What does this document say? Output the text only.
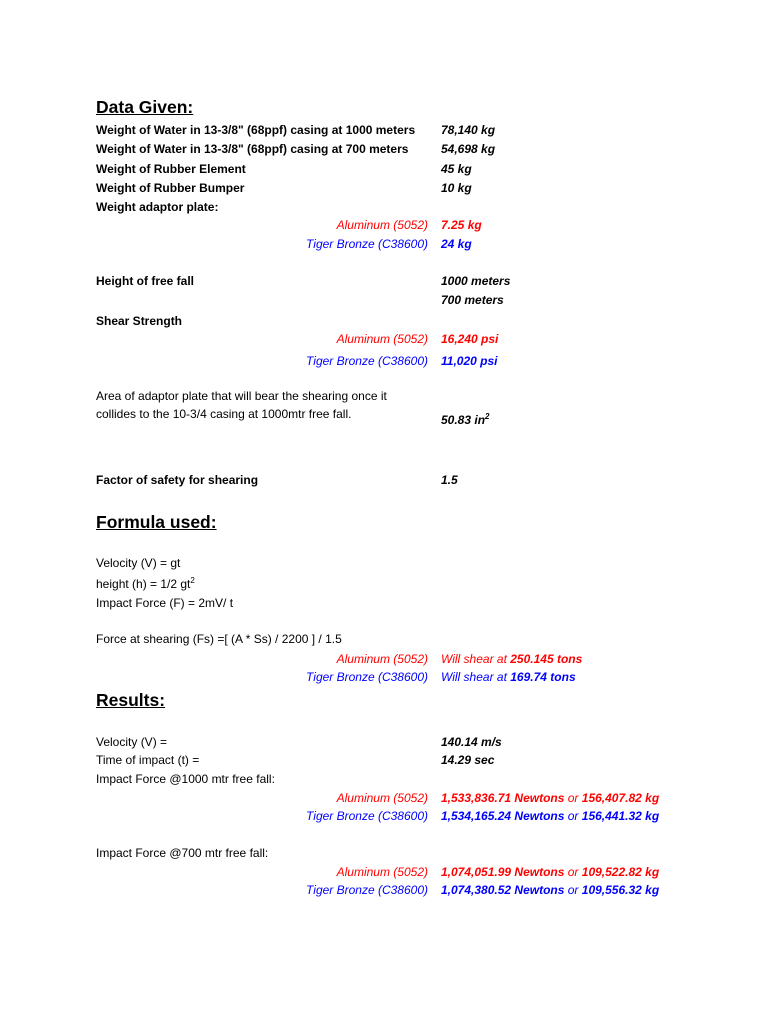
Data Given:
Weight of Water in 13-3/8" (68ppf) casing at 1000 meters 78,140 kg
Weight of Water in 13-3/8" (68ppf) casing at 700 meters	54,698 kg
Weight of Rubber Element	45 kg
Weight of Rubber Bumper	10 kg
Weight adaptor plate:
Aluminum (5052) 7.25 kg
Tiger Bronze (C38600) 24 kg
Height of free fall	1000 meters
700 meters
Shear Strength
Aluminum (5052) 16,240 psi
Tiger Bronze (C38600) 11,020 psi
Area of adaptor plate that will bear the shearing once it
collides to the 10-3/4 casing at 1000mtr free fall.	50.83 $in^2$
Factor of safety for shearing	1.5
Formula used:
Velocity (V) = gt
height (h) = 1/2 $gt^2$
Impact Force (F) = 2mV/ t
Force at shearing (Fs) =[ (A * Ss) / 2200 ] / 1.5
Aluminum (5052) Will shear at 250.145 tons
Tiger Bronze (C38600) Will shear at 169.74 tons
Results:
Velocity (V) =	140.14 m/s
Time of impact (t) =	14.29 sec
Impact Force @1000 mtr free fall:
Aluminum (5052) 1,533,836.71 Newtons or 156,407.82 kg
Tiger Bronze (C38600) 1,534,165.24 Newtons or 156,441.32 kg
Impact Force @700 mtr free fall:
Aluminum (5052) 1,074,051.99 Newtons or 109,522.82 kg
Tiger Bronze (C38600) 1,074,380.52 Newtons or 109,556.32 kg
